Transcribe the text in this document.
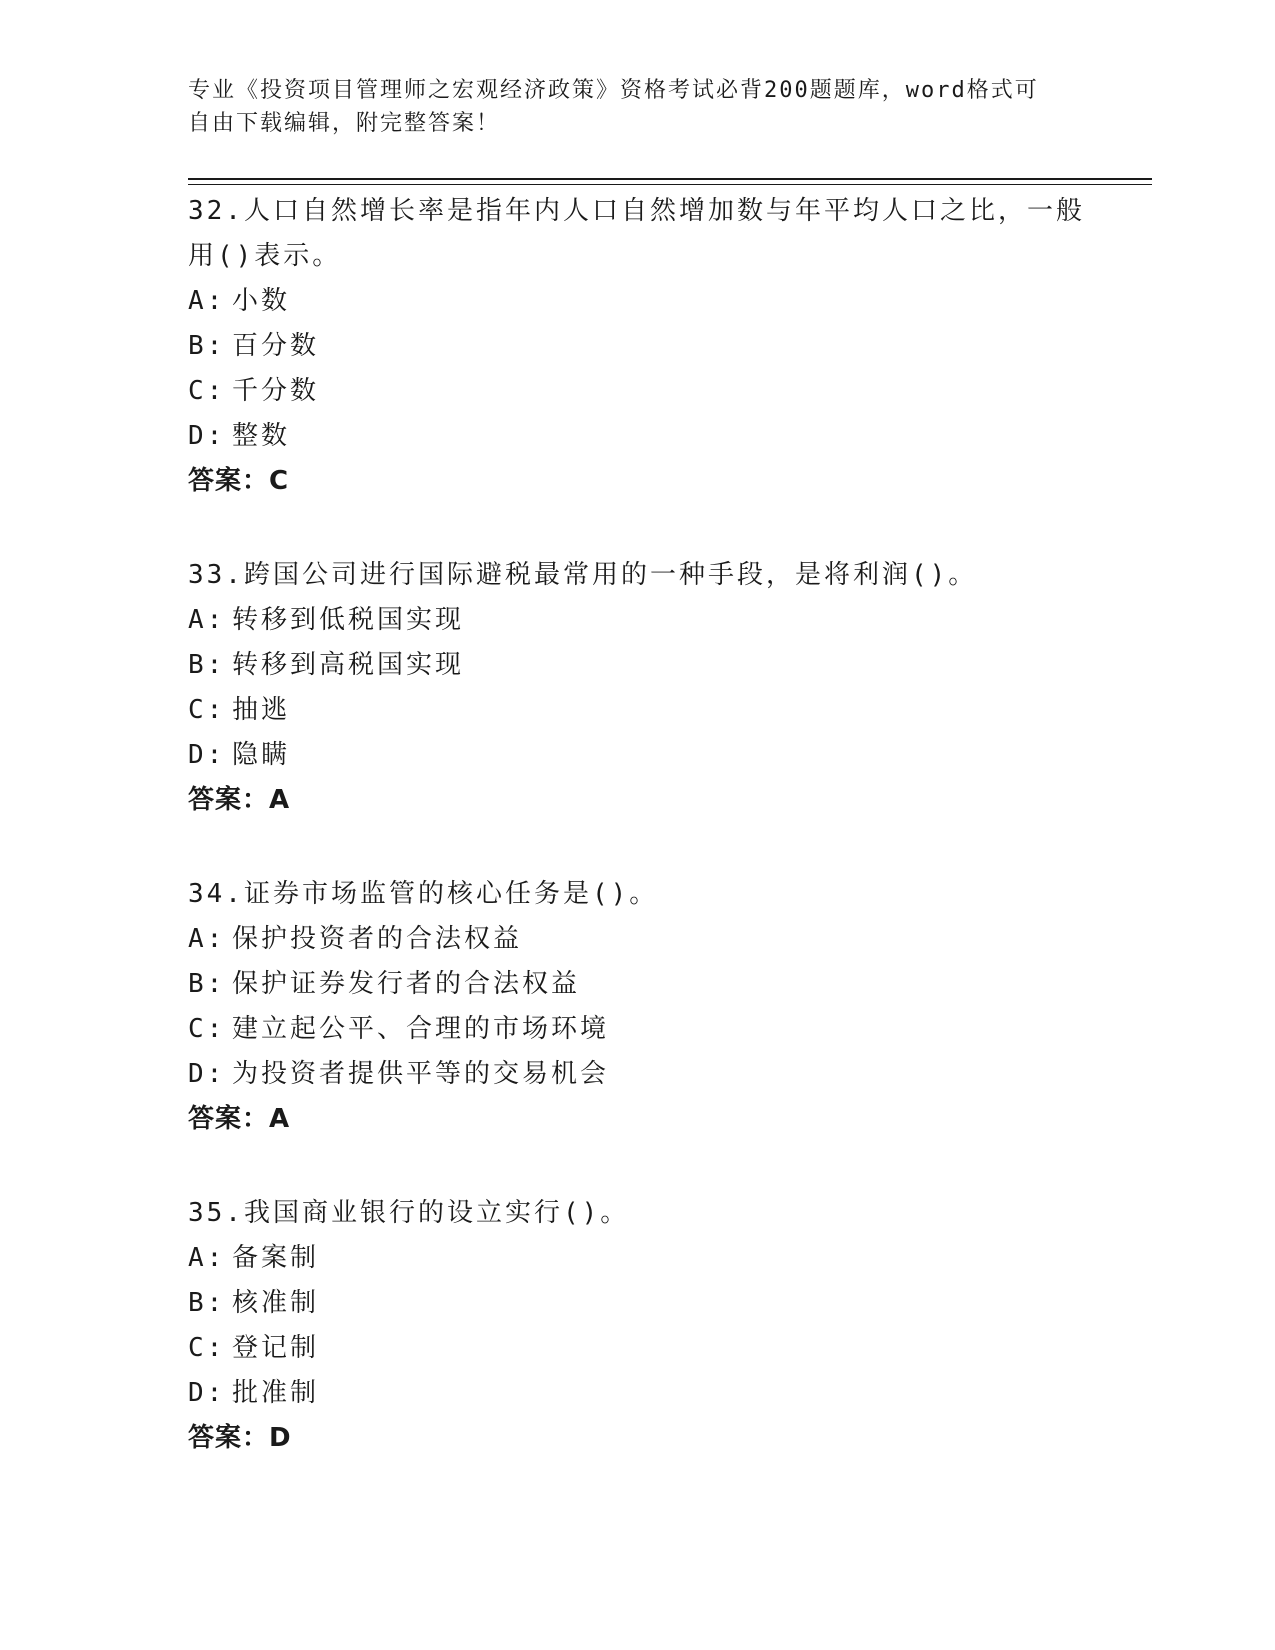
专业《投资项目管理师之宏观经济政策》资格考试必背200题题库，word格式可
自由下载编辑，附完整答案！
32.人口自然增长率是指年内人口自然增加数与年平均人口之比，一般
用()表示。
A: 小数
B: 百分数
C: 千分数
D: 整数
答案：C
33.跨国公司进行国际避税最常用的一种手段，是将利润()。
A: 转移到低税国实现
B: 转移到高税国实现
C: 抽逃
D: 隐瞒
答案：A
34.证券市场监管的核心任务是()。
A: 保护投资者的合法权益
B: 保护证券发行者的合法权益
C: 建立起公平、合理的市场环境
D: 为投资者提供平等的交易机会
答案：A
35.我国商业银行的设立实行()。
A: 备案制
B: 核准制
C: 登记制
D: 批准制
答案：D
